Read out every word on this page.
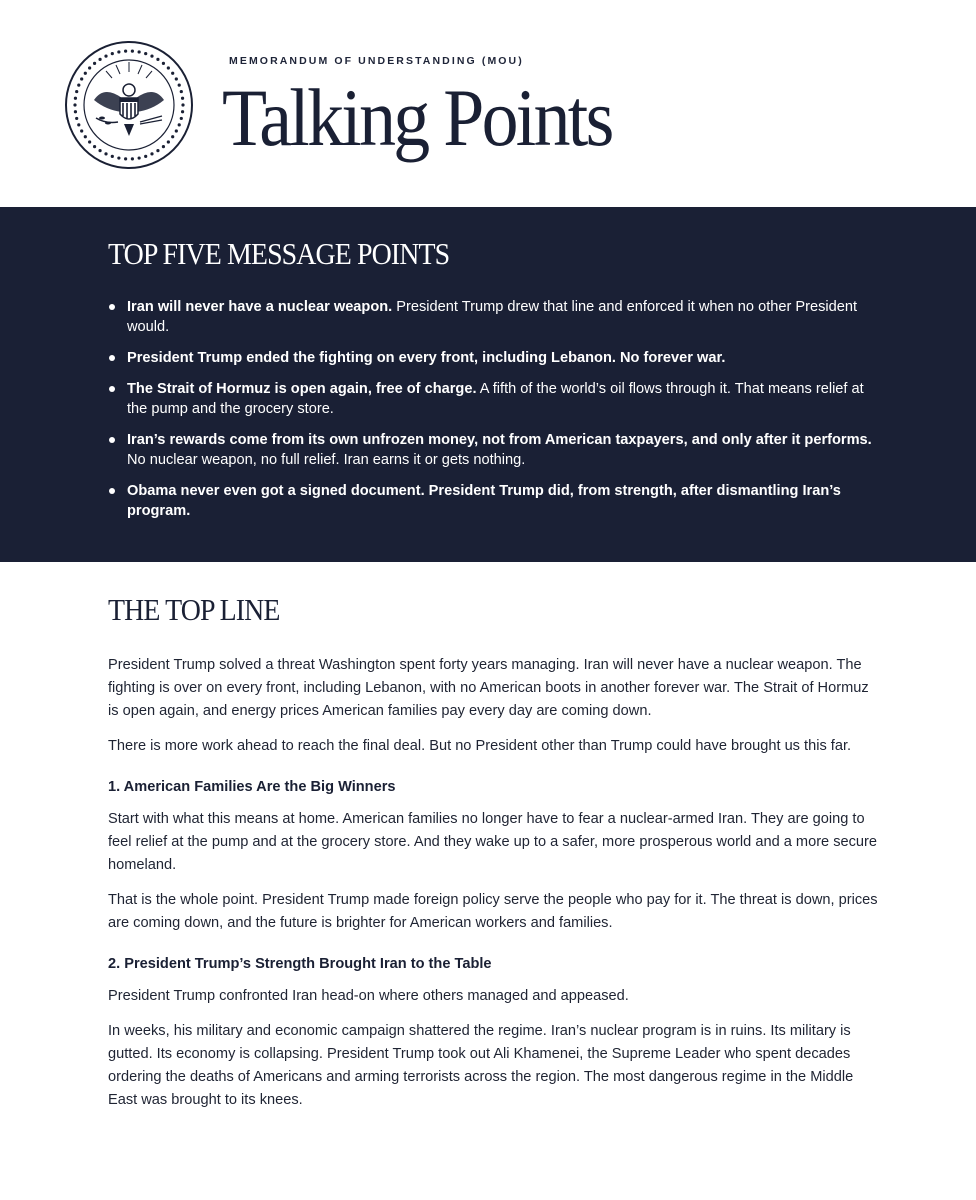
MEMORANDUM OF UNDERSTANDING (MOU)
Talking Points
TOP FIVE MESSAGE POINTS
Iran will never have a nuclear weapon. President Trump drew that line and enforced it when no other President would.
President Trump ended the fighting on every front, including Lebanon. No forever war.
The Strait of Hormuz is open again, free of charge. A fifth of the world’s oil flows through it. That means relief at the pump and the grocery store.
Iran’s rewards come from its own unfrozen money, not from American taxpayers, and only after it performs. No nuclear weapon, no full relief. Iran earns it or gets nothing.
Obama never even got a signed document. President Trump did, from strength, after dismantling Iran’s program.
THE TOP LINE

President Trump solved a threat Washington spent forty years managing. Iran will never have a nuclear weapon. The fighting is over on every front, including Lebanon, with no American boots in another forever war. The Strait of Hormuz is open again, and energy prices American families pay every day are coming down.

There is more work ahead to reach the final deal. But no President other than Trump could have brought us this far.

1. American Families Are the Big Winners

Start with what this means at home. American families no longer have to fear a nuclear-armed Iran. They are going to feel relief at the pump and at the grocery store. And they wake up to a safer, more prosperous world and a more secure homeland.

That is the whole point. President Trump made foreign policy serve the people who pay for it. The threat is down, prices are coming down, and the future is brighter for American workers and families.

2. President Trump’s Strength Brought Iran to the Table

President Trump confronted Iran head-on where others managed and appeased.

In weeks, his military and economic campaign shattered the regime. Iran’s nuclear program is in ruins. Its military is gutted. Its economy is collapsing. President Trump took out Ali Khamenei, the Supreme Leader who spent decades ordering the deaths of Americans and arming terrorists across the region. The most dangerous regime in the Middle East was brought to its knees.
